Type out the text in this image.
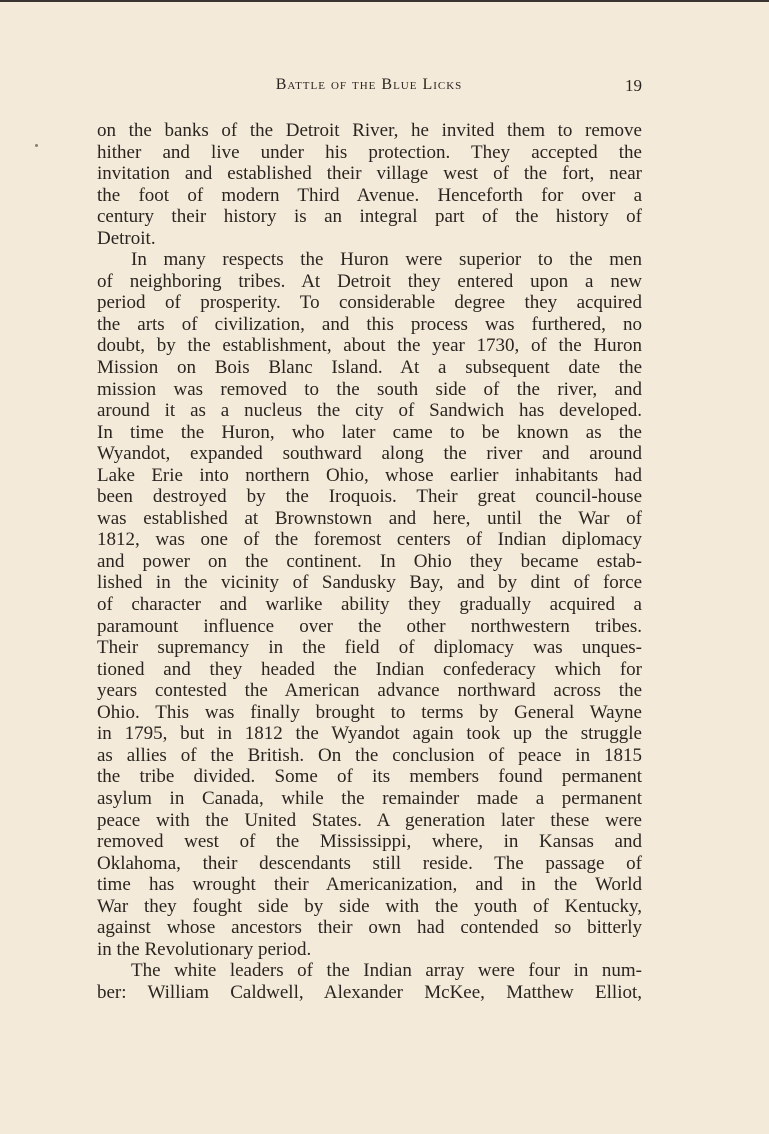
Battle of the Blue Licks	19
on the banks of the Detroit River, he invited them to remove
hither and live under his protection. They accepted the
invitation and established their village west of the fort, near
the foot of modern Third Avenue. Henceforth for over a
century their history is an integral part of the history of
Detroit.
In many respects the Huron were superior to the men
of neighboring tribes. At Detroit they entered upon a new
period of prosperity. To considerable degree they acquired
the arts of civilization, and this process was furthered, no
doubt, by the establishment, about the year 1730, of the Huron
Mission on Bois Blanc Island. At a subsequent date the
mission was removed to the south side of the river, and
around it as a nucleus the city of Sandwich has developed.
In time the Huron, who later came to be known as the
Wyandot, expanded southward along the river and around
Lake Erie into northern Ohio, whose earlier inhabitants had
been destroyed by the Iroquois. Their great council-house
was established at Brownstown and here, until the War of
1812, was one of the foremost centers of Indian diplomacy
and power on the continent. In Ohio they became estab-
lished in the vicinity of Sandusky Bay, and by dint of force
of character and warlike ability they gradually acquired a
paramount influence over the other northwestern tribes.
Their supremancy in the field of diplomacy was unques-
tioned and they headed the Indian confederacy which for
years contested the American advance northward across the
Ohio. This was finally brought to terms by General Wayne
in 1795, but in 1812 the Wyandot again took up the struggle
as allies of the British. On the conclusion of peace in 1815
the tribe divided. Some of its members found permanent
asylum in Canada, while the remainder made a permanent
peace with the United States. A generation later these were
removed west of the Mississippi, where, in Kansas and
Oklahoma, their descendants still reside. The passage of
time has wrought their Americanization, and in the World
War they fought side by side with the youth of Kentucky,
against whose ancestors their own had contended so bitterly
in the Revolutionary period.
The white leaders of the Indian array were four in num-
ber: William Caldwell, Alexander McKee, Matthew Elliot,
